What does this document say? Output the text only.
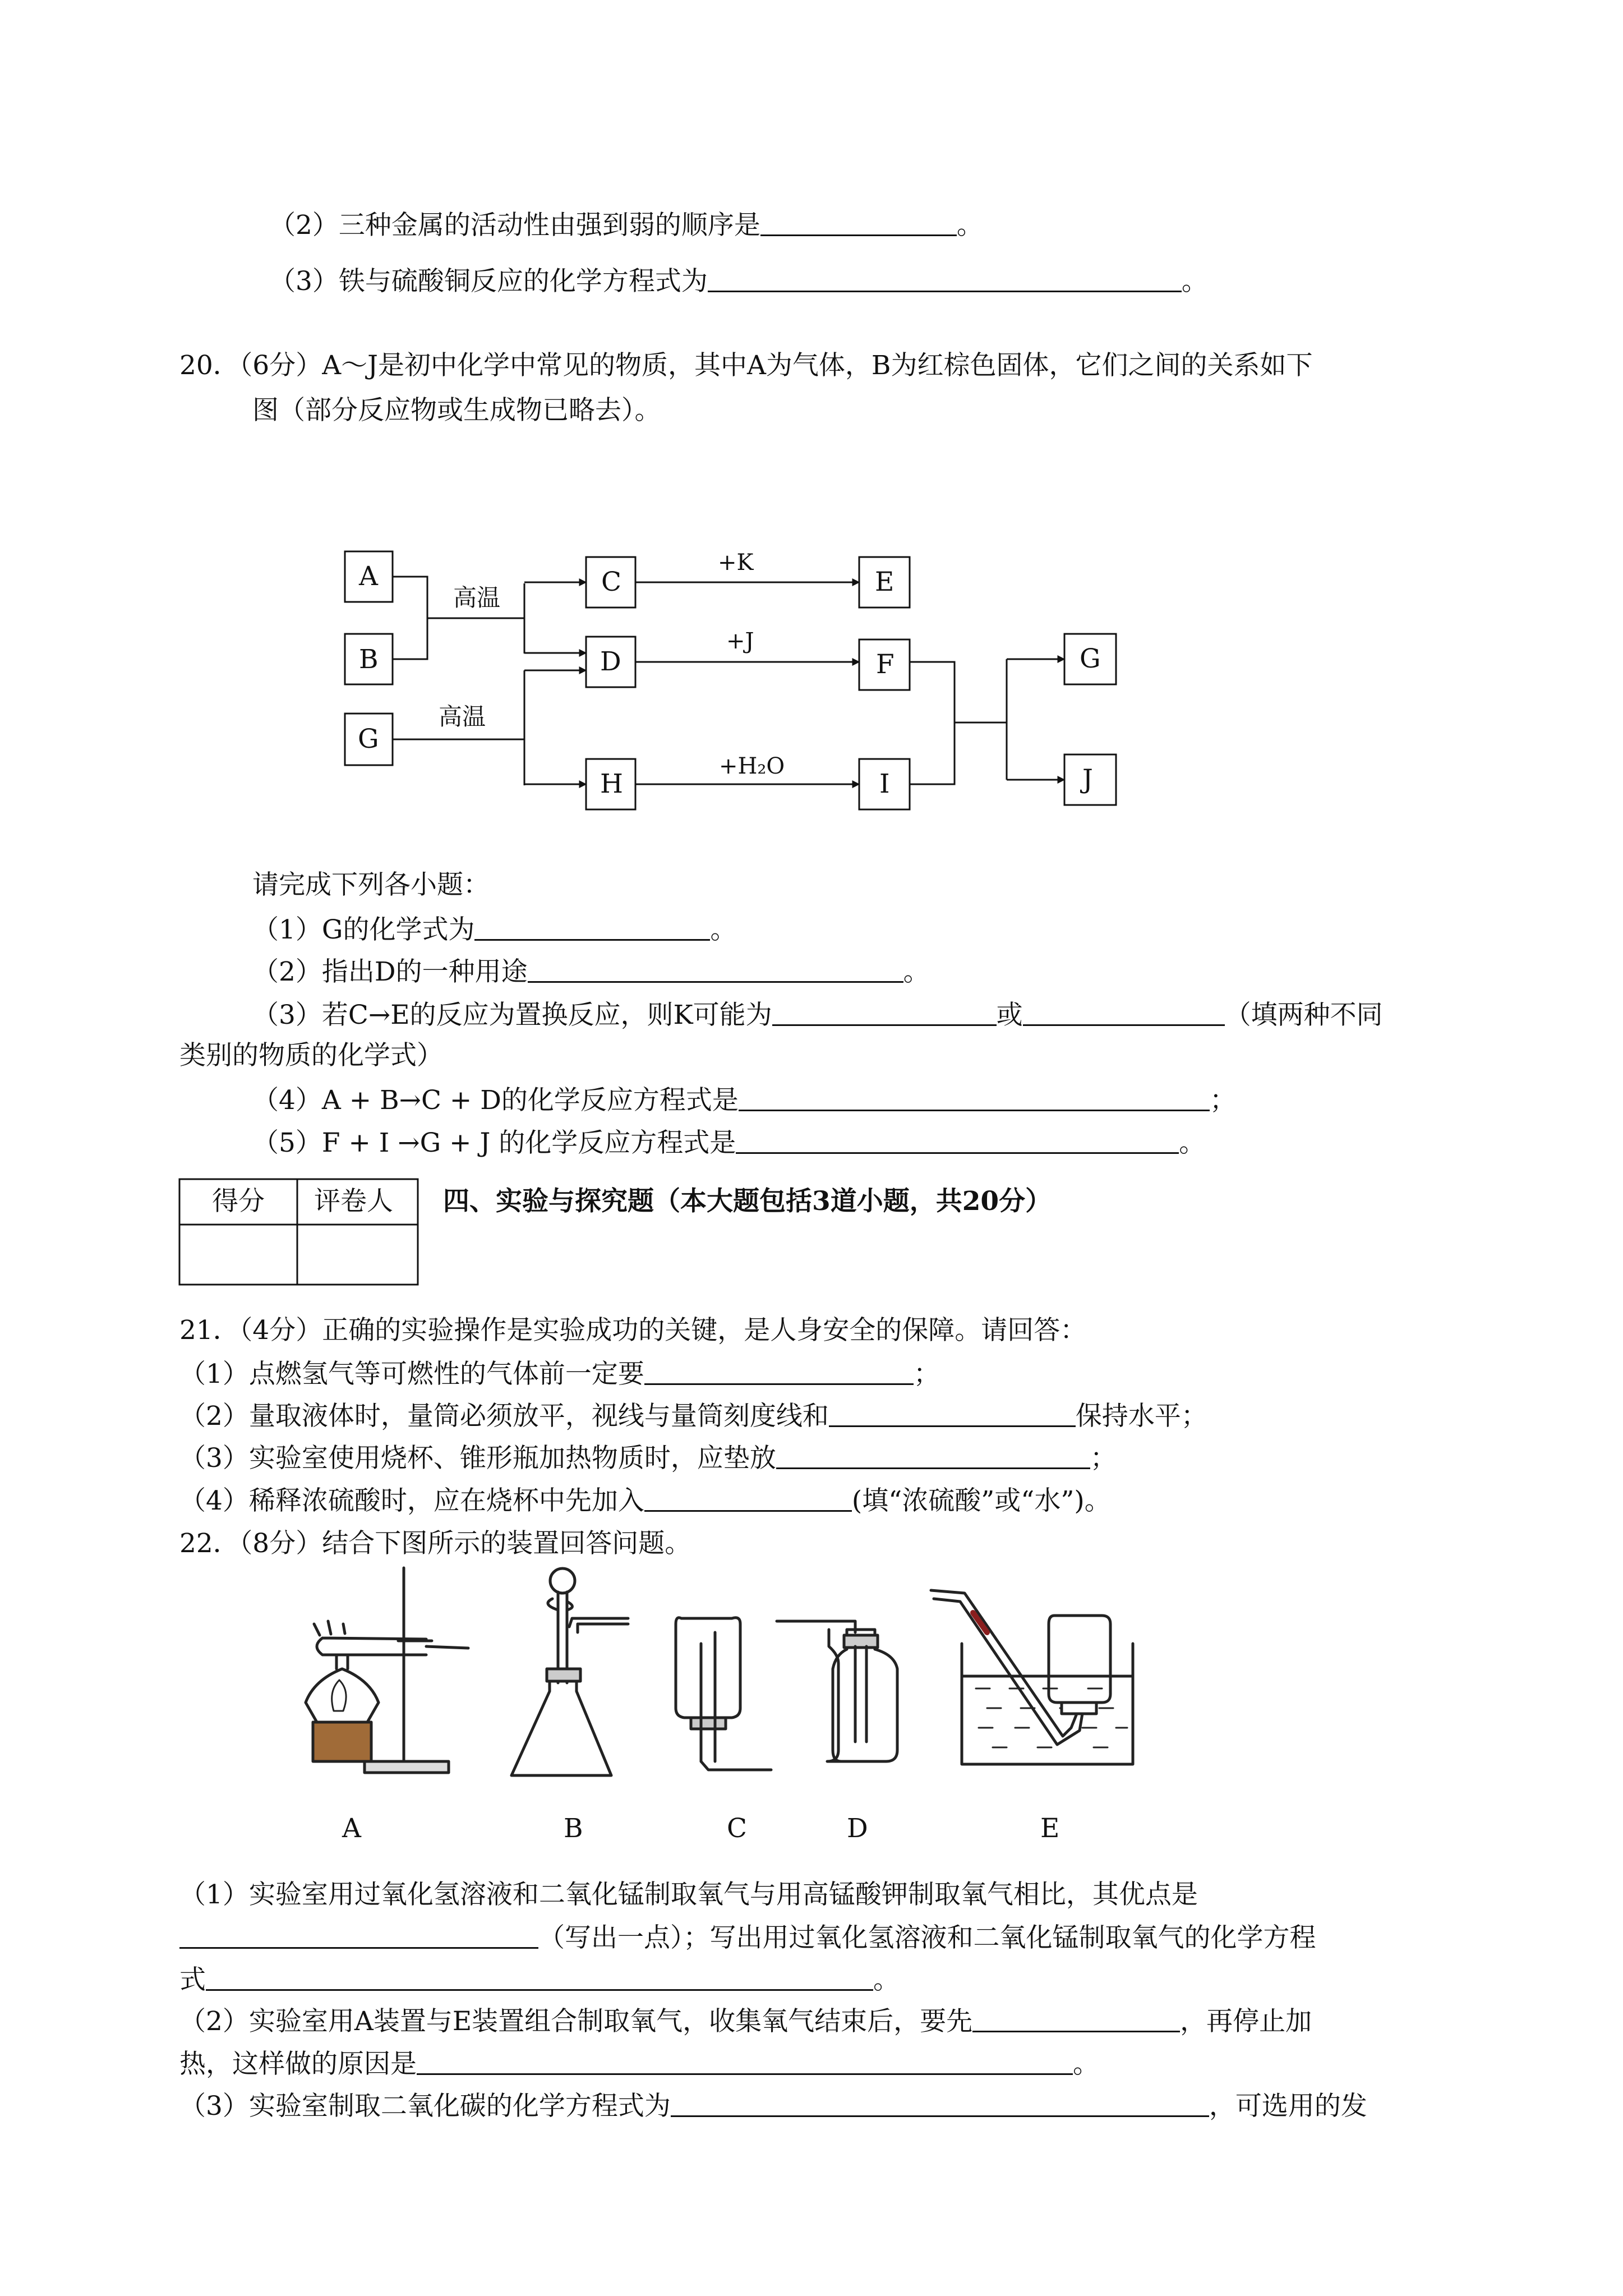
（2）三种金属的活动性由强到弱的顺序是	。
（3）铁与硫酸铜反应的化学方程式为	。
20．（6分）A～J是初中化学中常见的物质，其中A为气体，B为红棕色固体，它们之间的关系如下
图（部分反应物或生成物已略去）。
A
B
G
C
D
H
E
F
I
G
J
高温
高温
+K
+J
+H₂O
请完成下列各小题：
（1）G的化学式为	。
（2）指出D的一种用途	。
（3）若C→E的反应为置换反应，则K可能为	或	（填两种不同
类别的物质的化学式）
（4）A + B→C + D的化学反应方程式是	；
（5）F + I →G + J 的化学反应方程式是	。
得分 评卷人 四、实验与探究题（本大题包括3道小题，共20分）
21．（4分）正确的实验操作是实验成功的关键，是人身安全的保障。请回答：
（1）点燃氢气等可燃性的气体前一定要	；
（2）量取液体时，量筒必须放平，视线与量筒刻度线和	保持水平；
（3）实验室使用烧杯、锥形瓶加热物质时，应垫放	；
（4）稀释浓硫酸时，应在烧杯中先加入	(填“浓硫酸”或“水”)。
22．（8分）结合下图所示的装置回答问题。
A	B	C	D	E
（1）实验室用过氧化氢溶液和二氧化锰制取氧气与用高锰酸钾制取氧气相比，其优点是
（写出一点）；写出用过氧化氢溶液和二氧化锰制取氧气的化学方程
式	。
（2）实验室用A装置与E装置组合制取氧气，收集氧气结束后，要先	，再停止加
热，这样做的原因是	。
（3）实验室制取二氧化碳的化学方程式为	，可选用的发
